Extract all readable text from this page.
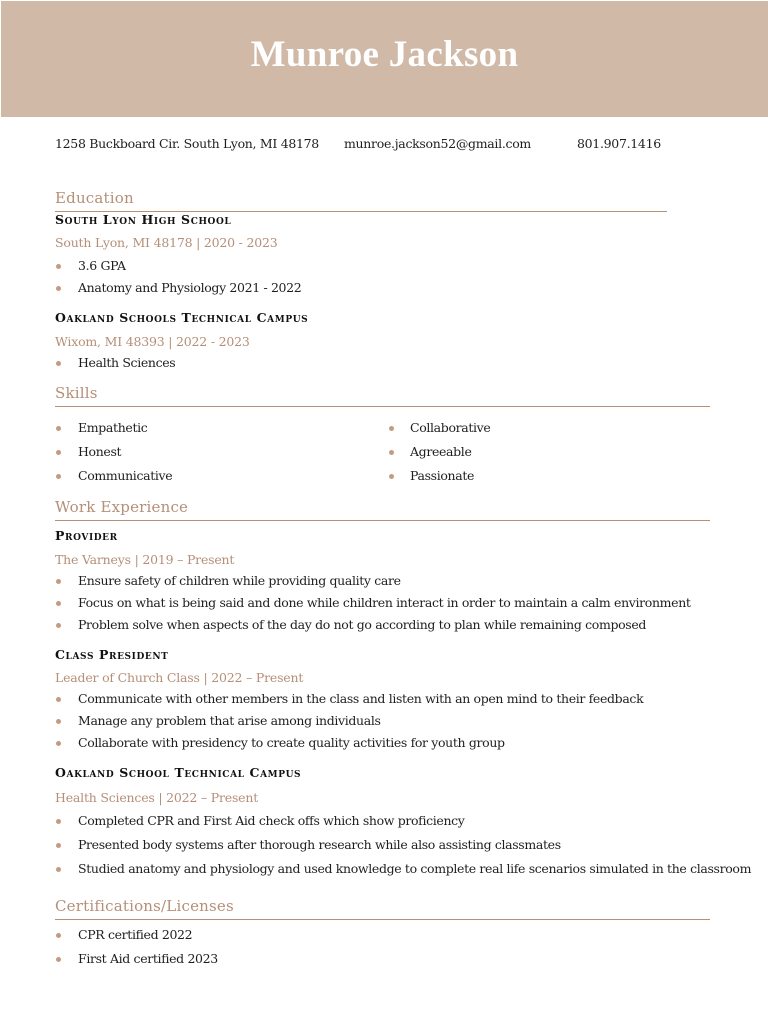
Munroe Jackson
1258 Buckboard Cir. South Lyon, MI 48178 munroe.jackson52@gmail.com	801.907.1416
Education
South Lyon High School
South Lyon, MI 48178 | 2020 - 2023
3.6 GPA
Anatomy and Physiology 2021 - 2022
Oakland Schools Technical Campus
Wixom, MI 48393 | 2022 - 2023
Health Sciences
Skills
Empathetic
Honest
Communicative
Collaborative
Agreeable
Passionate
Work Experience
Provider
The Varneys | 2019 – Present
Ensure safety of children while providing quality care
Focus on what is being said and done while children interact in order to maintain a calm environment
Problem solve when aspects of the day do not go according to plan while remaining composed
Class President
Leader of Church Class | 2022 – Present
Communicate with other members in the class and listen with an open mind to their feedback
Manage any problem that arise among individuals
Collaborate with presidency to create quality activities for youth group
Oakland School Technical Campus
Health Sciences | 2022 – Present
Completed CPR and First Aid check offs which show proficiency
Presented body systems after thorough research while also assisting classmates
Studied anatomy and physiology and used knowledge to complete real life scenarios simulated in the classroom
Certifications/Licenses
CPR certified 2022
First Aid certified 2023
